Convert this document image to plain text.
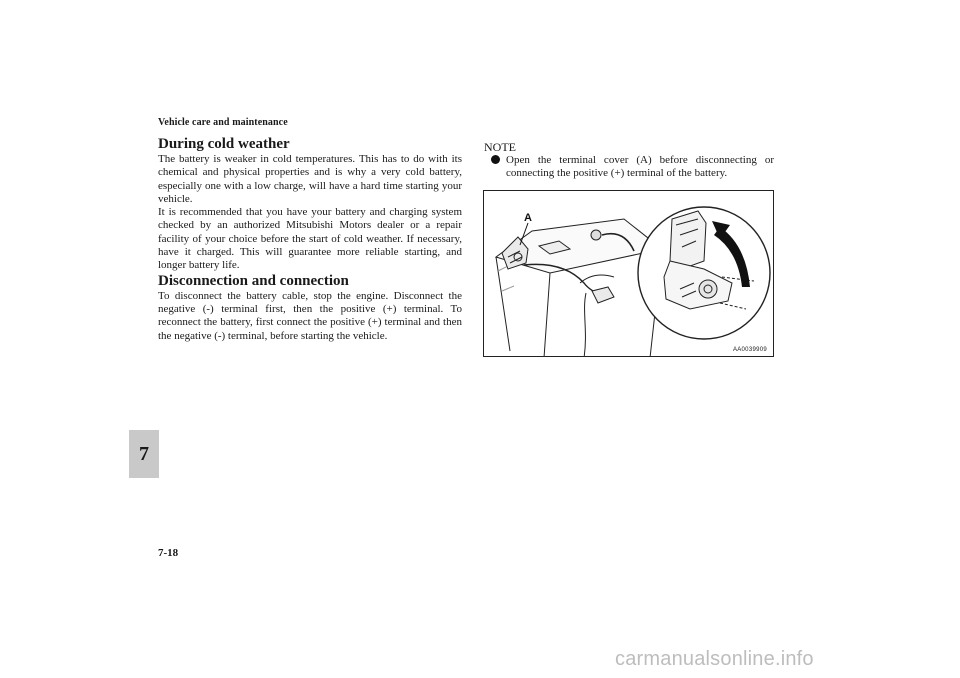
Vehicle care and maintenance
During cold weather

The battery is weaker in cold temperatures. This has to do with its chemical and physical properties and is why a very cold battery, especially one with a low charge, will have a hard time starting your vehicle.

It is recommended that you have your battery and charging system checked by an authorized Mitsubishi Motors dealer or a repair facility of your choice before the start of cold weather. If necessary, have it charged. This will guarantee more reliable starting, and longer battery life.

Disconnection and connection

To disconnect the battery cable, stop the engine. Disconnect the negative (-) terminal first, then the positive (+) terminal. To reconnect the battery, first connect the positive (+) terminal and then the negative (-) terminal, before starting the vehicle.

NOTE
Open the terminal cover (A) before disconnecting or connecting the positive (+) terminal of the battery.
A
AA0039909
7
7-18
carmanualsonline.info
